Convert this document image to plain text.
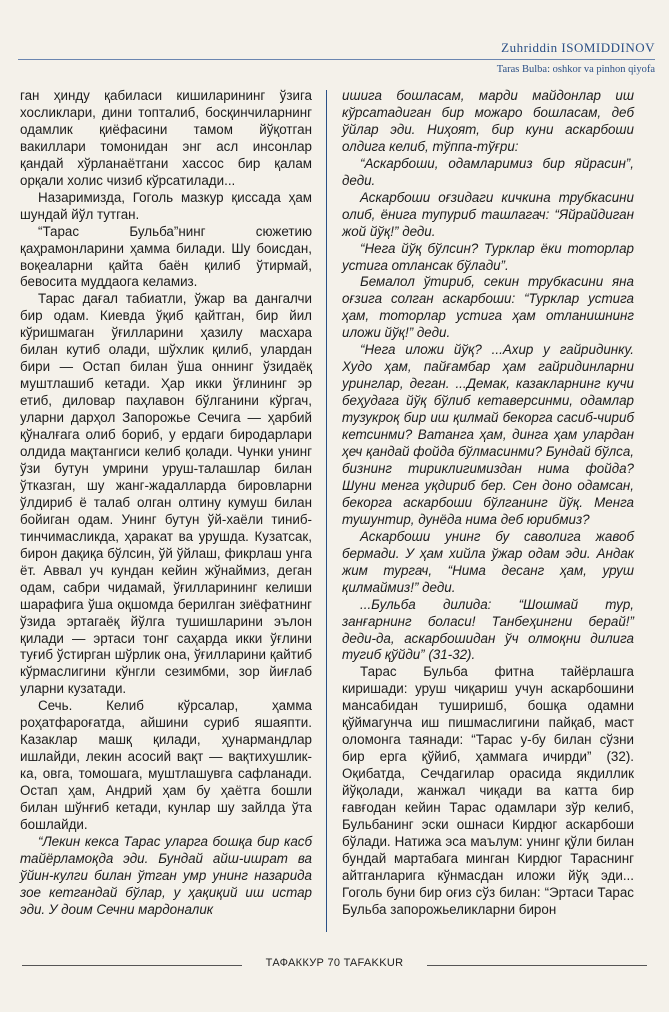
Zuhriddin ISOMIDDINOV
Taras Bulba: oshkor va pinhon qiyofa

ган ҳинду қабиласи кишиларининг ўзига хосликлари, дини топталиб, босқинчиларнинг одамлик қиёфасини тамом йўқотган вакиллари томонидан энг асл инсонлар қандай хўрланаётгани хассос бир қалам орқали холис чизиб кўрсатилади...

Назаримизда, Гоголь мазкур қиссада ҳам шундай йўл тутган.

“Тарас Бульба”нинг сюжетию қаҳрамонларини ҳамма билади. Шу боисдан, воқеаларни қайта баён қилиб ўтирмай, бевосита муддаога келамиз.

Тарас дағал табиатли, ўжар ва дангалчи бир одам. Киевда ўқиб қайтган, бир йил кўришмаган ўғилларини ҳазилу масхара билан кутиб олади, шўхлик қилиб, улардан бири — Остап билан ўша оннинг ўзидаёқ муштлашиб кетади. Ҳар икки ўғлининг эр етиб, диловар паҳлавон бўлганини кўргач, уларни дарҳол Запорожье Сечига — ҳарбий қўналғага олиб бориб, у ердаги биродарлари олдида мақтангиси келиб қолади. Чунки унинг ўзи бутун умрини уруш-талашлар билан ўтказган, шу жанг-жадалларда бировларни ўлдириб ё талаб олган олтину кумуш билан бойиган одам. Унинг бутун ўй-хаёли тиниб-тинчимасликда, ҳаракат ва урушда. Кузатсак, бирон дақиқа бўлсин, ўй ўйлаш, фикрлаш унга ёт. Аввал уч кундан кейин жўнаймиз, деган одам, сабри чидамай, ўғилларининг келиши шарафига ўша оқшомда берилган зиёфатнинг ўзида эртагаёқ йўлга тушишларини эълон қилади — эртаси тонг саҳарда икки ўғлини туғиб ўстирган шўрлик она, ўғилларини қайтиб кўрмаслигини кўнгли сезимбми, зор йиғлаб уларни кузатади.

Сечь. Келиб кўрсалар, ҳамма роҳатфароғатда, айшини суриб яшаяпти. Казаклар машқ қилади, ҳунармандлар ишлайди, лекин асосий вақт — вақтихушлик-ка, овга, томошага, муштлашувга сафланади. Остап ҳам, Андрий ҳам бу ҳаётга бошли билан шўнғиб кетади, кунлар шу зайлда ўта бошлайди.

“Лекин кекса Тарас уларга бошқа бир касб тайёрламоқда эди. Бундай айш-ишрат ва ўйин-кулги билан ўтган умр унинг назарида зое кетгандай бўлар, у ҳақиқий иш истар эди. У доим Сечни мардоналик

ишига бошласам, марди майдонлар иш кўрсатадиган бир можаро бошласам, деб ўйлар эди. Ниҳоят, бир куни аскарбоши олдига келиб, тўппа-тўғри:

“Аскарбоши, одамларимиз бир яйрасин”, деди.

Аскарбоши оғзидаги кичкина трубкасини олиб, ёнига тупуриб ташлагач: “Яйрайдиган жой йўқ!” деди.

“Нега йўқ бўлсин? Турклар ёки тоторлар устига отлансак бўлади”.

Бемалол ўтириб, секин трубкасини яна оғзига солган аскарбоши: “Турклар устига ҳам, тоторлар устига ҳам отланишнинг иложи йўқ!” деди.

“Нега иложи йўқ? ...Ахир у гайридинку. Худо ҳам, пайғамбар ҳам гайридинларни уринглар, деган. ...Демак, казакларнинг кучи беҳудага йўқ бўлиб кетаверсинми, одамлар тузукроқ бир иш қилмай бекорга сасиб-чириб кетсинми? Ватанга ҳам, динга ҳам улардан ҳеч қандай фойда бўлмасинми? Бундай бўлса, бизнинг тириклигимиздан нима фойда? Шуни менга уқдириб бер. Сен доно одамсан, бекорга аскарбоши бўлганинг йўқ. Менга тушунтир, дунёда нима деб юрибмиз?

Аскарбоши унинг бу саволига жавоб бермади. У ҳам хийла ўжар одам эди. Андак жим тургач, “Нима десанг ҳам, уруш қилмаймиз!” деди.

...Бульба дилида: “Шошмай тур, занғарнинг боласи! Танбеҳингни берай!” деди-да, аскарбошидан ўч олмоқни дилига тугиб қўйди” (31-32).

Тарас Бульба фитна тайёрлашга киришади: уруш чиқариш учун аскарбошини мансабидан туширишб, бошқа одамни қўймагунча иш пишмаслигини пайқаб, маст оломонга таянади: “Тарас у-бу билан сўзни бир ерга қўйиб, ҳаммага ичирди” (32). Оқибатда, Сечдагилар орасида якдиллик йўқолади, жанжал чиқади ва катта бир ғавғодан кейин Тарас одамлари зўр келиб, Бульбанинг эски ошнаси Кирдюг аскарбоши бўлади. Натижа эса маълум: унинг қўли билан бундай мартабага минган Кирдюг Тараснинг айтганларига кўнмасдан иложи йўқ эди... Гоголь буни бир оғиз сўз билан: “Эртаси Тарас Бульба запорожьеликларни бирон

ТАФАККУР 70 TAFAKKUR
